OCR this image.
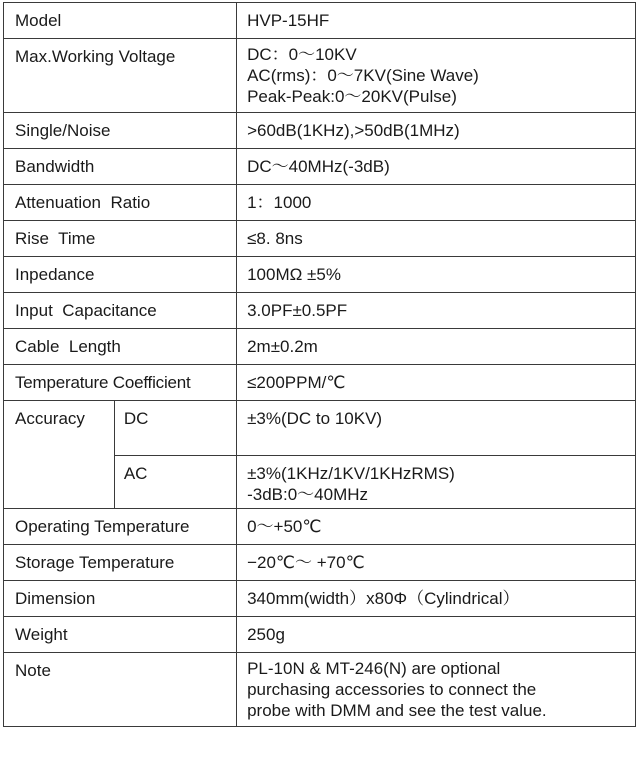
Model		HVP-15HF

Max.Working Voltage		DC：0～10KV
AC(rms)：0～7KV(Sine Wave)
Peak-Peak:0～20KV(Pulse)

Single/Noise		>60dB(1KHz),>50dB(1MHz)

Bandwidth		DC～40MHz(-3dB)

Attenuation  Ratio		1：1000

Rise  Time		≤8. 8ns

Inpedance		100MΩ ±5%

Input  Capacitance		3.0PF±0.5PF

Cable  Length		2m±0.2m

Temperature Coefficient		≤200PPM/℃

Accuracy	DC	±3%(DC to 10KV)

	AC	±3%(1KHz/1KV/1KHzRMS)
-3dB:0～40MHz

Operating Temperature		0～+50℃

Storage Temperature		−20℃～ +70℃

Dimension		340mm(width）x80Φ（Cylindrical）

Weight		250g

Note		PL-10N & MT-246(N) are optional
purchasing accessories to connect the
probe with DMM and see the test value.
